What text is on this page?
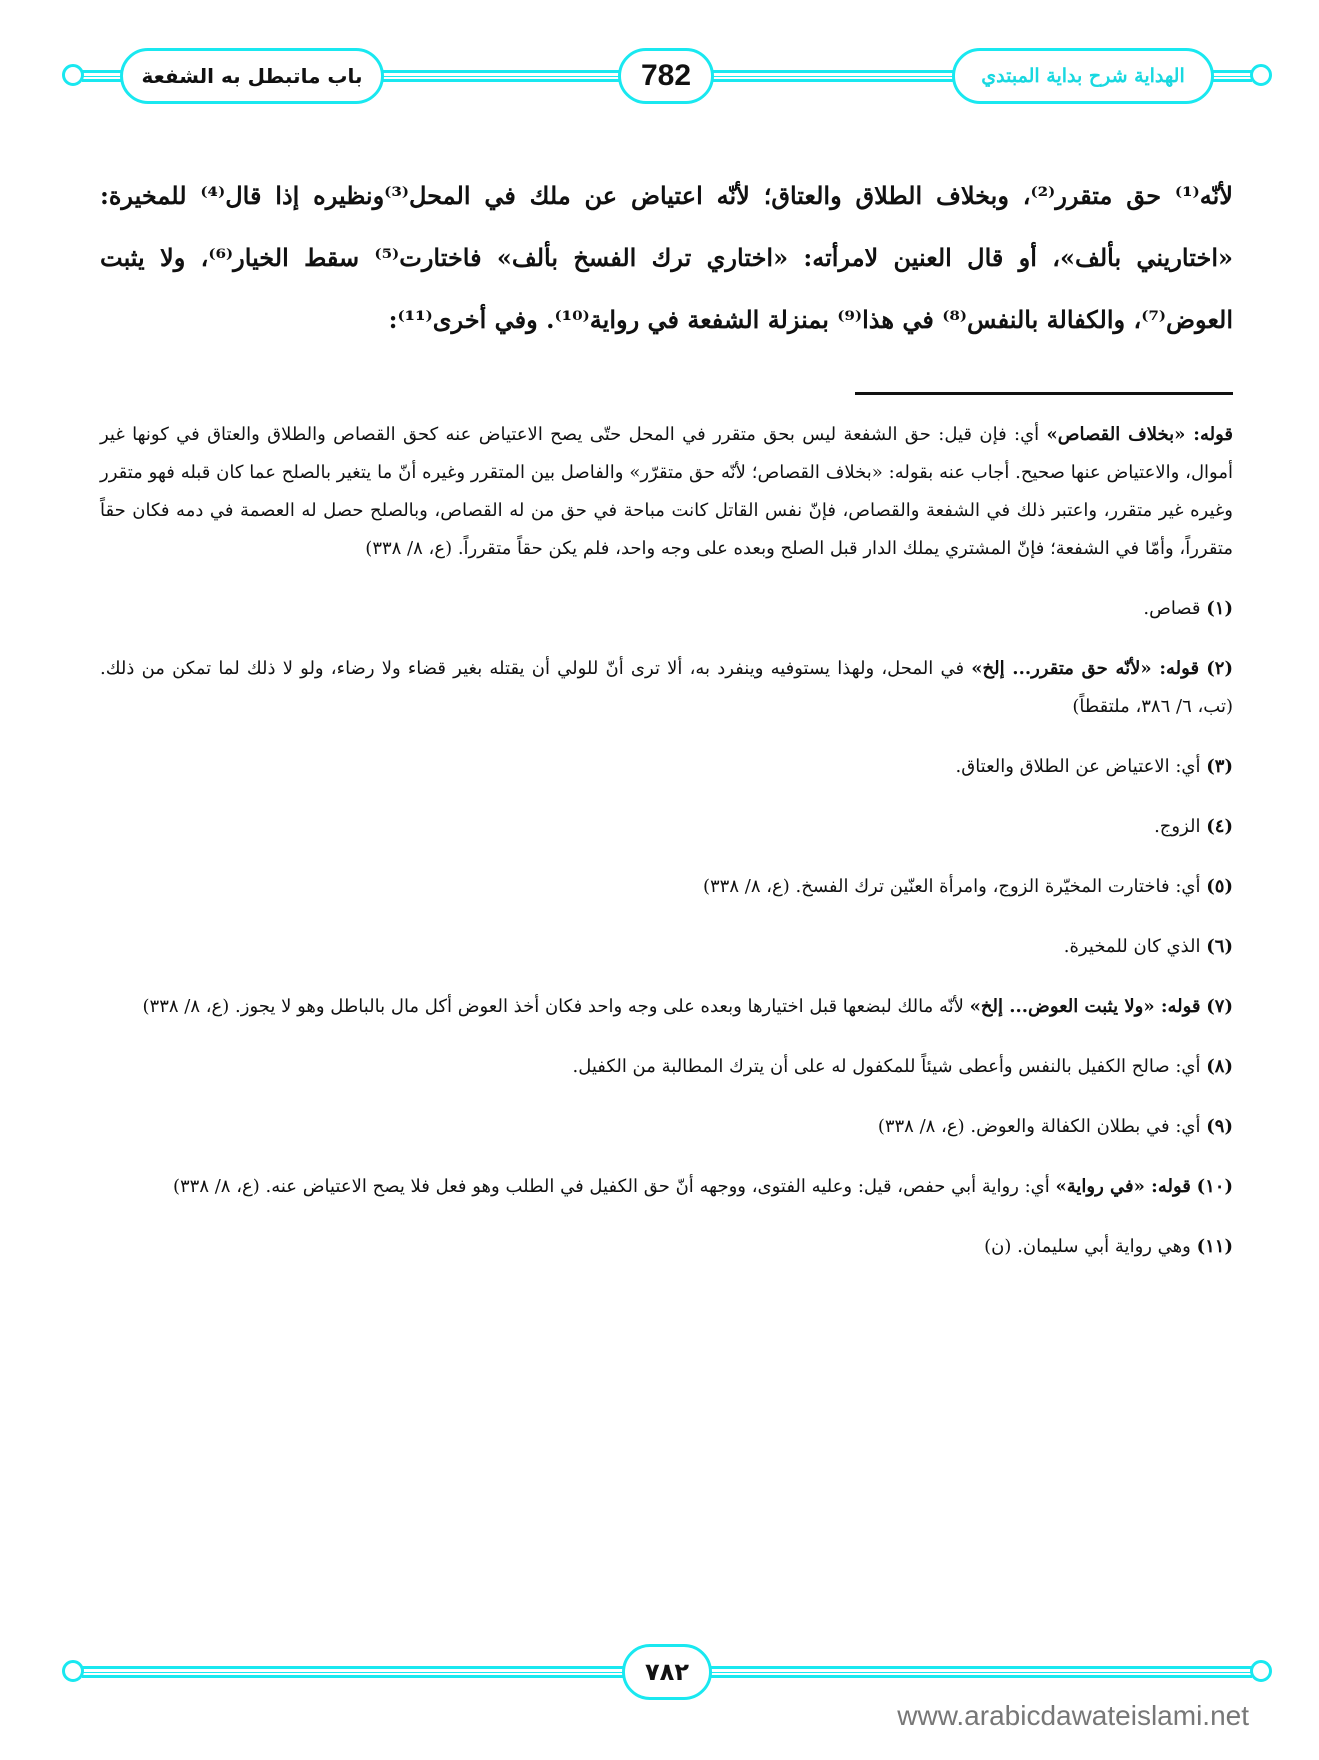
باب ماتبطل به الشفعة	782	الهداية شرح بداية المبتدي
لأنّه⁽¹⁾ حق متقرر⁽²⁾، وبخلاف الطلاق والعتاق؛ لأنّه اعتياض عن ملك في المحل⁽³⁾ونظيره إذا قال⁽⁴⁾ للمخيرة: «اختاريني بألف»، أو قال العنين لامرأته: «اختاري ترك الفسخ بألف» فاختارت⁽⁵⁾ سقط الخيار⁽⁶⁾، ولا يثبت العوض⁽⁷⁾، والكفالة بالنفس⁽⁸⁾ في هذا⁽⁹⁾ بمنزلة الشفعة في رواية⁽¹⁰⁾. وفي أخرى⁽¹¹⁾:
قوله: «بخلاف القصاص» أي: فإن قيل: حق الشفعة ليس بحق متقرر في المحل حتّى يصح الاعتياض عنه كحق القصاص والطلاق والعتاق في كونها غير أموال، والاعتياض عنها صحيح. أجاب عنه بقوله: «بخلاف القصاص؛ لأنّه حق متقرّر» والفاصل بين المتقرر وغيره أنّ ما يتغير بالصلح عما كان قبله فهو متقرر وغيره غير متقرر، واعتبر ذلك في الشفعة والقصاص، فإنّ نفس القاتل كانت مباحة في حق من له القصاص، وبالصلح حصل له العصمة في دمه فكان حقاً متقرراً، وأمّا في الشفعة؛ فإنّ المشتري يملك الدار قبل الصلح وبعده على وجه واحد، فلم يكن حقاً متقرراً. (ع، ٨/ ٣٣٨)
(١) قصاص.
(٢) قوله: «لأنّه حق متقرر... إلخ» في المحل، ولهذا يستوفيه وينفرد به، ألا ترى أنّ للولي أن يقتله بغير قضاء ولا رضاء، ولو لا ذلك لما تمكن من ذلك. (تب، ٦/ ٣٨٦، ملتقطاً)
(٣) أي: الاعتياض عن الطلاق والعتاق.
(٤) الزوج.
(٥) أي: فاختارت المخيّرة الزوج، وامرأة العنّين ترك الفسخ. (ع، ٨/ ٣٣٨)
(٦) الذي كان للمخيرة.
(٧) قوله: «ولا يثبت العوض... إلخ» لأنّه مالك لبضعها قبل اختيارها وبعده على وجه واحد فكان أخذ العوض أكل مال بالباطل وهو لا يجوز. (ع، ٨/ ٣٣٨)
(٨) أي: صالح الكفيل بالنفس وأعطى شيئاً للمكفول له على أن يترك المطالبة من الكفيل.
(٩) أي: في بطلان الكفالة والعوض. (ع، ٨/ ٣٣٨)
(١٠) قوله: «في رواية» أي: رواية أبي حفص، قيل: وعليه الفتوى، ووجهه أنّ حق الكفيل في الطلب وهو فعل فلا يصح الاعتياض عنه. (ع، ٨/ ٣٣٨)
(١١) وهي رواية أبي سليمان. (ن)
٧٨٢
www.arabicdawateislami.net
